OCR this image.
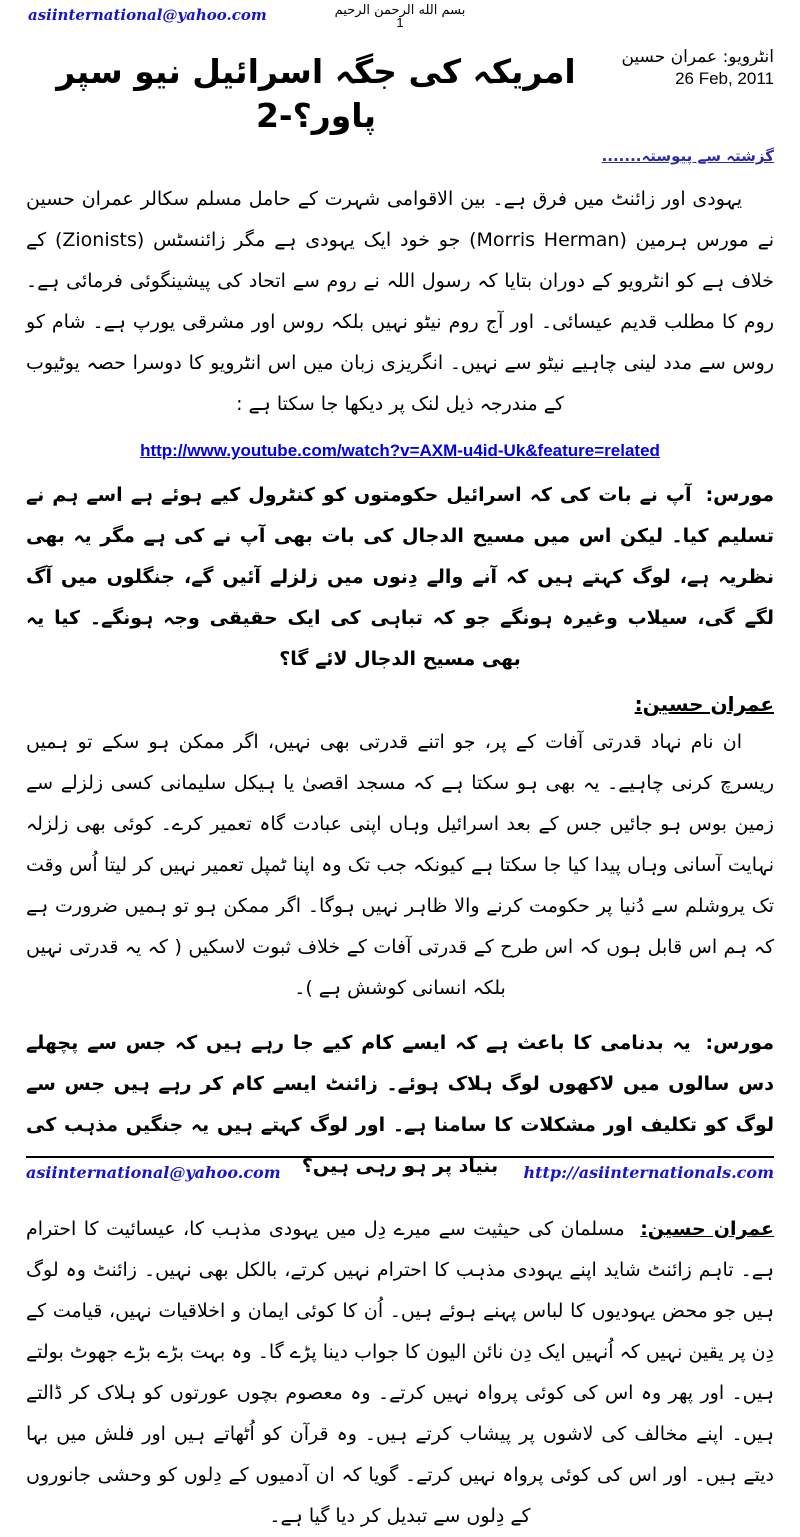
asiinternational@yahoo.com	بسم الله الرحمن الرحيم
1
انٹرویو: عمران حسین
26 Feb, 2011
امریکہ کی جگہ اسرائیل نیو سپر پاور؟-2
گزشتہ سے پیوستہ.......

یہودی اور زائنٹ میں فرق ہے۔ بین الاقوامی شہرت کے حامل مسلم سکالر عمران حسین نے مورس ہرمین (Morris Herman) جو خود ایک یہودی ہے مگر زائنسٹس (Zionists) کے خلاف ہے کو انٹرویو کے دوران بتایا کہ رسول اللہ نے روم سے اتحاد کی پیشینگوئی فرمائی ہے۔ روم کا مطلب قدیم عیسائی۔ اور آج روم نیٹو نہیں بلکہ روس اور مشرقی یورپ ہے۔ شام کو روس سے مدد لینی چاہیے نیٹو سے نہیں۔ انگریزی زبان میں اس انٹرویو کا دوسرا حصہ یوٹیوب کے مندرجہ ذیل لنک پر دیکھا جا سکتا ہے :

http://www.youtube.com/watch?v=AXM-u4id-Uk&feature=related

مورس: آپ نے بات کی کہ اسرائیل حکومتوں کو کنٹرول کیے ہوئے ہے اسے ہم نے تسلیم کیا۔ لیکن اس میں مسیح الدجال کی بات بھی آپ نے کی ہے مگر یہ بھی نظریہ ہے، لوگ کہتے ہیں کہ آنے والے دِنوں میں زلزلے آئیں گے، جنگلوں میں آگ لگے گی، سیلاب وغیرہ ہونگے جو کہ تباہی کی ایک حقیقی وجہ ہونگے۔ کیا یہ بھی مسیح الدجال لائے گا؟

عمران حسین:

ان نام نہاد قدرتی آفات کے پر، جو اتنے قدرتی بھی نہیں، اگر ممکن ہو سکے تو ہمیں ریسرچ کرنی چاہیے۔ یہ بھی ہو سکتا ہے کہ مسجد اقصیٰ یا ہیکل سلیمانی کسی زلزلے سے زمین بوس ہو جائیں جس کے بعد اسرائیل وہاں اپنی عبادت گاہ تعمیر کرے۔ کوئی بھی زلزلہ نہایت آسانی وہاں پیدا کیا جا سکتا ہے کیونکہ جب تک وہ اپنا ٹمپل تعمیر نہیں کر لیتا اُس وقت تک یروشلم سے دُنیا پر حکومت کرنے والا ظاہر نہیں ہوگا۔ اگر ممکن ہو تو ہمیں ضرورت ہے کہ ہم اس قابل ہوں کہ اس طرح کے قدرتی آفات کے خلاف ثبوت لاسکیں ( کہ یہ قدرتی نہیں بلکہ انسانی کوشش ہے )۔

مورس: یہ بدنامی کا باعث ہے کہ ایسے کام کیے جا رہے ہیں کہ جس سے پچھلے دس سالوں میں لاکھوں لوگ ہلاک ہوئے۔ زائنٹ ایسے کام کر رہے ہیں جس سے لوگ کو تکلیف اور مشکلات کا سامنا ہے۔ اور لوگ کہتے ہیں یہ جنگیں مذہب کی بنیاد پر ہو رہی ہیں؟

عمران حسین: مسلمان کی حیثیت سے میرے دِل میں یہودی مذہب کا، عیسائیت کا احترام ہے۔ تاہم زائنٹ شاید اپنے یہودی مذہب کا احترام نہیں کرتے، بالکل بھی نہیں۔ زائنٹ وہ لوگ ہیں جو محض یہودیوں کا لباس پہنے ہوئے ہیں۔ اُن کا کوئی ایمان و اخلاقیات نہیں، قیامت کے دِن پر یقین نہیں کہ اُنہیں ایک دِن نائن الیون کا جواب دینا پڑے گا۔ وہ بہت بڑے بڑے جھوٹ بولتے ہیں۔ اور پھر وہ اس کی کوئی پرواہ نہیں کرتے۔ وہ معصوم بچوں عورتوں کو ہلاک کر ڈالتے ہیں۔ اپنے مخالف کی لاشوں پر پیشاب کرتے ہیں۔ وہ قرآن کو اُٹھاتے ہیں اور فلش میں بہا دیتے ہیں۔ اور اس کی کوئی پرواہ نہیں کرتے۔ گویا کہ ان آدمیوں کے دِلوں کو وحشی جانوروں کے دِلوں سے تبدیل کر دیا گیا ہے۔

asiinternational@yahoo.com	http://asiinternationals.com
